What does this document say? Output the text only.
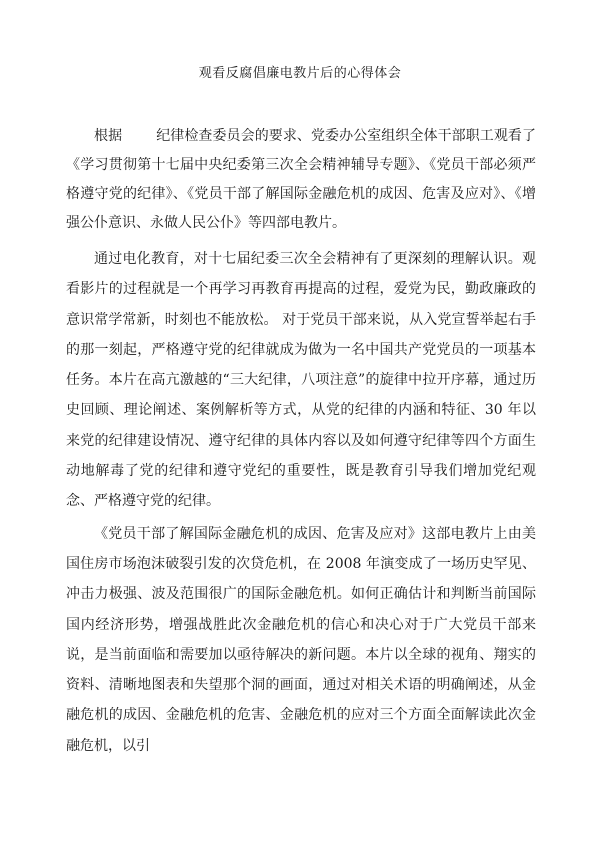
观看反腐倡廉电教片后的心得体会

根据 纪律检查委员会的要求、党委办公室组织全体干部职工观看了《学习贯彻第十七届中央纪委第三次全会精神辅导专题》、《党员干部必须严格遵守党的纪律》、《党员干部了解国际金融危机的成因、危害及应对》、《增强公仆意识、永做人民公仆》等四部电教片。

通过电化教育，对十七届纪委三次全会精神有了更深刻的理解认识。观看影片的过程就是一个再学习再教育再提高的过程，爱党为民，勤政廉政的意识常学常新，时刻也不能放松。 对于党员干部来说，从入党宣誓举起右手的那一刻起，严格遵守党的纪律就成为做为一名中国共产党党员的一项基本任务。本片在高亢激越的“三大纪律，八项注意”的旋律中拉开序幕，通过历史回顾、理论阐述、案例解析等方式，从党的纪律的内涵和特征、30 年以来党的纪律建设情况、遵守纪律的具体内容以及如何遵守纪律等四个方面生动地解毒了党的纪律和遵守党纪的重要性，既是教育引导我们增加党纪观念、严格遵守党的纪律。

《党员干部了解国际金融危机的成因、危害及应对》这部电教片上由美国住房市场泡沫破裂引发的次贷危机，在 2008 年演变成了一场历史罕见、冲击力极强、波及范围很广的国际金融危机。如何正确估计和判断当前国际国内经济形势，增强战胜此次金融危机的信心和决心对于广大党员干部来说，是当前面临和需要加以亟待解决的新问题。本片以全球的视角、翔实的资料、清晰地图表和失望那个洞的画面，通过对相关术语的明确阐述，从金融危机的成因、金融危机的危害、金融危机的应对三个方面全面解读此次金融危机，以引
